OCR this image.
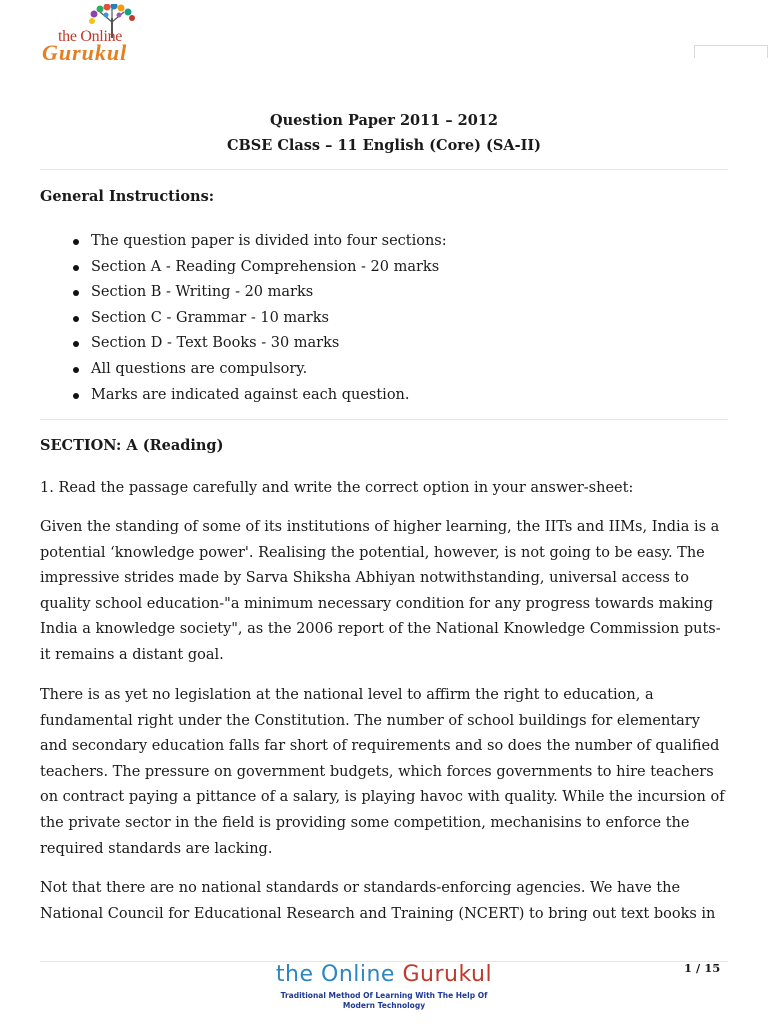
the Online
Gurukul
Question Paper 2011 – 2012
CBSE Class – 11 English (Core) (SA-II)
General Instructions:
The question paper is divided into four sections:
Section A - Reading Comprehension - 20 marks
Section B - Writing - 20 marks
Section C - Grammar - 10 marks
Section D - Text Books - 30 marks
All questions are compulsory.
Marks are indicated against each question.
SECTION: A (Reading)

1. Read the passage carefully and write the correct option in your answer-sheet:

Given the standing of some of its institutions of higher learning, the IITs and IIMs, India is a potential ‘knowledge power'. Realising the potential, however, is not going to be easy. The impressive strides made by Sarva Shiksha Abhiyan notwithstanding, universal access to quality school education-"a minimum necessary condition for any progress towards making India a knowledge society", as the 2006 report of the National Knowledge Commission puts-it remains a distant goal.

There is as yet no legislation at the national level to affirm the right to education, a fundamental right under the Constitution. The number of school buildings for elementary and secondary education falls far short of requirements and so does the number of qualified teachers. The pressure on government budgets, which forces governments to hire teachers on contract paying a pittance of a salary, is playing havoc with quality. While the incursion of the private sector in the field is providing some competition, mechanisins to enforce the required standards are lacking.

Not that there are no national standards or standards-enforcing agencies. We have the National Council for Educational Research and Training (NCERT) to bring out text books in

the Online Gurukul
Traditional Method Of Learning With The Help Of
Modern Technology
1 / 15
